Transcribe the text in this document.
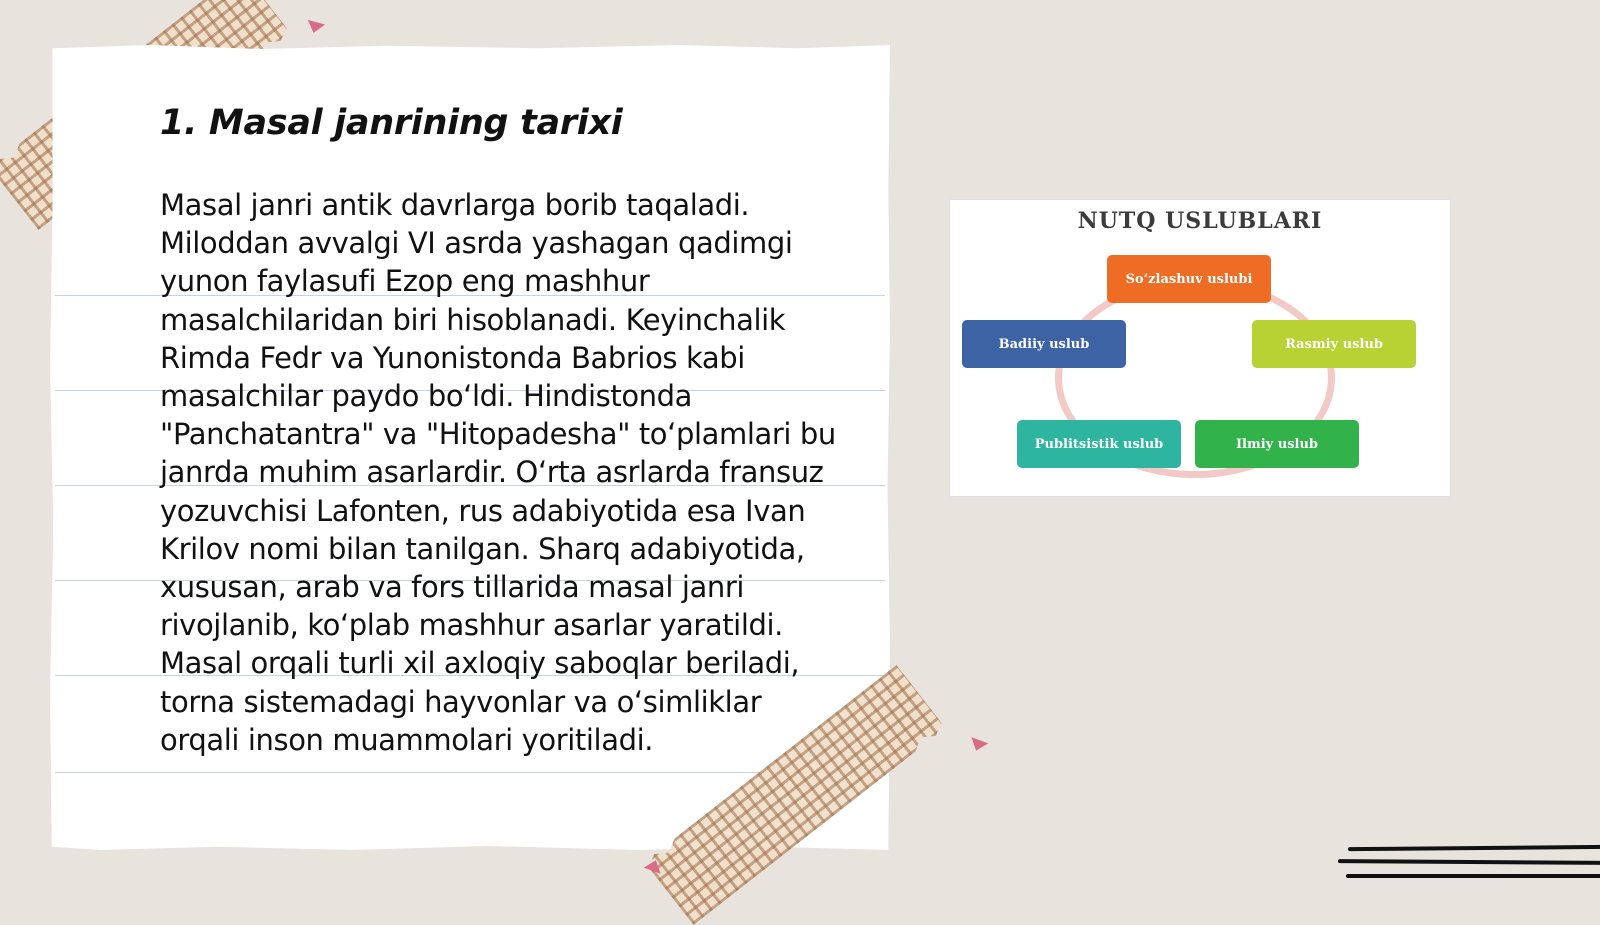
1. Masal janrining tarixi

Masal janri antik davrlarga borib taqaladi. Miloddan avvalgi VI asrda yashagan qadimgi yunon faylasufi Ezop eng mashhur masalchilaridan biri hisoblanadi. Keyinchalik Rimda Fedr va Yunonistonda Babrios kabi masalchilar paydo bo‘ldi. Hindistonda "Panchatantra" va "Hitopadesha" to‘plamlari bu janrda muhim asarlardir. O‘rta asrlarda fransuz yozuvchisi Lafonten, rus adabiyotida esa Ivan Krilov nomi bilan tanilgan. Sharq adabiyotida, xususan, arab va fors tillarida masal janri rivojlanib, ko‘plab mashhur asarlar yaratildi. Masal orqali turli xil axloqiy saboqlar beriladi, torna sistemadagi hayvonlar va o‘simliklar orqali inson muammolari yoritiladi.

NUTQ USLUBLARI
So‘zlashuv uslubi
Badiiy uslub	Rasmiy uslub
Publitsistik uslub	Ilmiy uslub
